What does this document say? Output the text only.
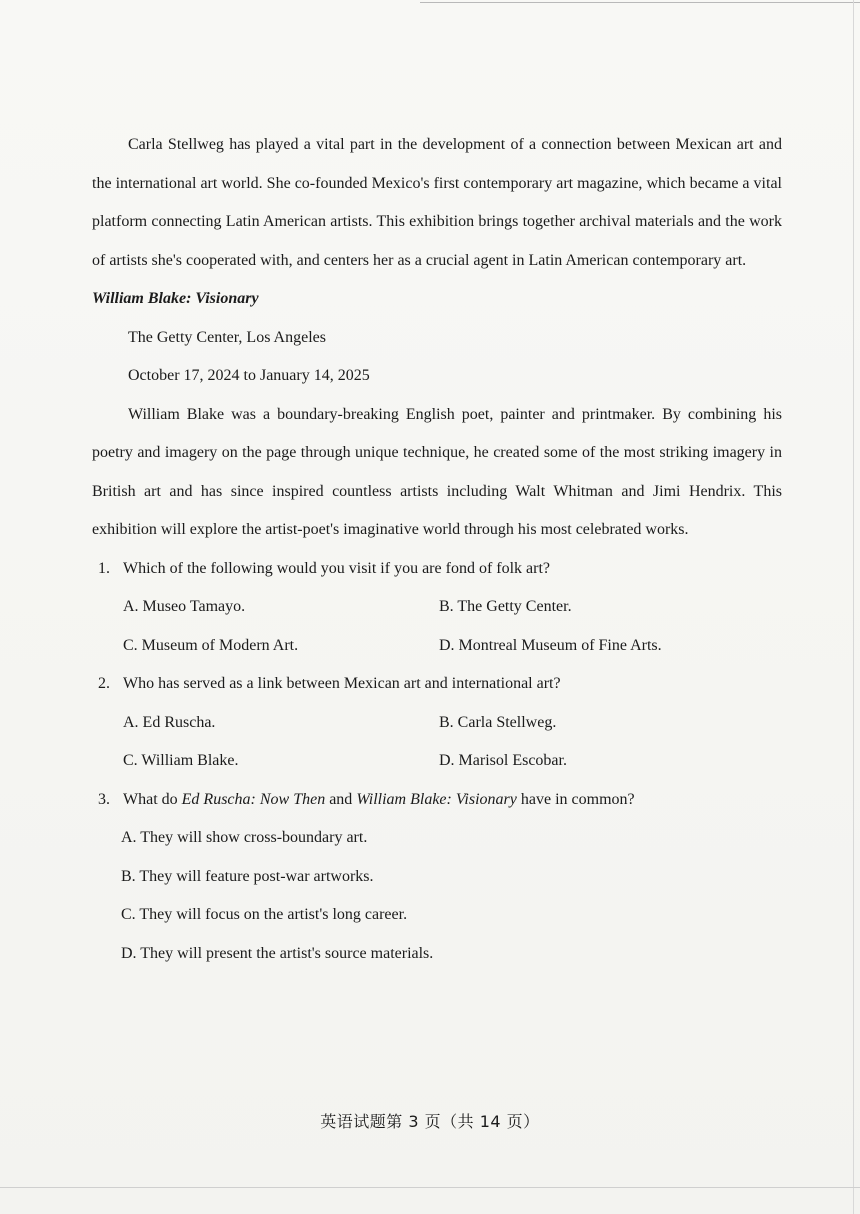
Carla Stellweg has played a vital part in the development of a connection between Mexican art and the international art world. She co-founded Mexico's first contemporary art magazine, which became a vital platform connecting Latin American artists. This exhibition brings together archival materials and the work of artists she's cooperated with, and centers her as a crucial agent in Latin American contemporary art.

William Blake: Visionary

The Getty Center, Los Angeles

October 17, 2024 to January 14, 2025

William Blake was a boundary-breaking English poet, painter and printmaker. By combining his poetry and imagery on the page through unique technique, he created some of the most striking imagery in British art and has since inspired countless artists including Walt Whitman and Jimi Hendrix. This exhibition will explore the artist-poet's imaginative world through his most celebrated works.

1. Which of the following would you visit if you are fond of folk art?
A. Museo Tamayo.	B. The Getty Center.
C. Museum of Modern Art.	D. Montreal Museum of Fine Arts.
2. Who has served as a link between Mexican art and international art?
A. Ed Ruscha.	B. Carla Stellweg.
C. William Blake.	D. Marisol Escobar.
3. What do Ed Ruscha: Now Then and William Blake: Visionary have in common?
A. They will show cross-boundary art.
B. They will feature post-war artworks.
C. They will focus on the artist's long career.
D. They will present the artist's source materials.
英语试题第 3 页（共 14 页）
